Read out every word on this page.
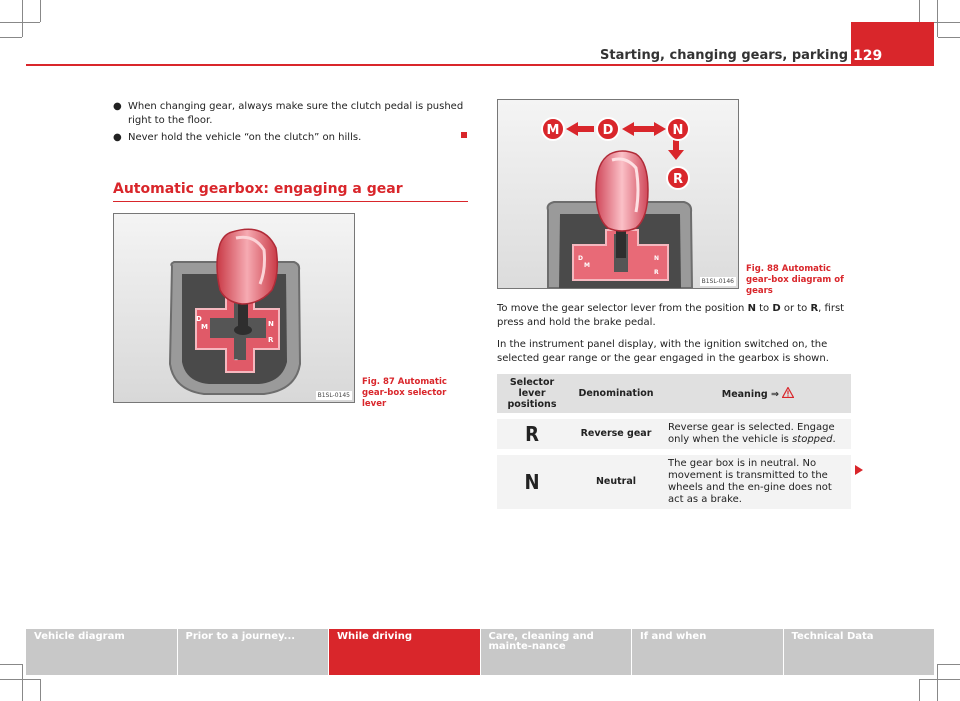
Starting, changing gears, parking 129
● When changing gear, always make sure the clutch pedal is pushed right to the floor.
● Never hold the vehicle “on the clutch” on hills.
Automatic gearbox: engaging a gear
D
M	N
R
–
B1SL-0145
Fig. 87 Automatic gear-box selector lever
D
M
N
R
M	D	N
R
B1SL-0146
Fig. 88 Automatic gear-box diagram of gears
To move the gear selector lever from the position N to D or to R, first press and hold the brake pedal.
In the instrument panel display, with the ignition switched on, the selected gear range or the gear engaged in the gearbox is shown.
Selector lever positions	Denomination	Meaning ⇒
R	Reverse gear	Reverse gear is selected. Engage only when the vehicle is stopped.
N	Neutral	The gear box is in neutral. No movement is transmitted to the wheels and the en-gine does not act as a brake.
Vehicle diagram	Prior to a journey...	While driving	Care, cleaning and mainte-nance
If and when	Technical Data
